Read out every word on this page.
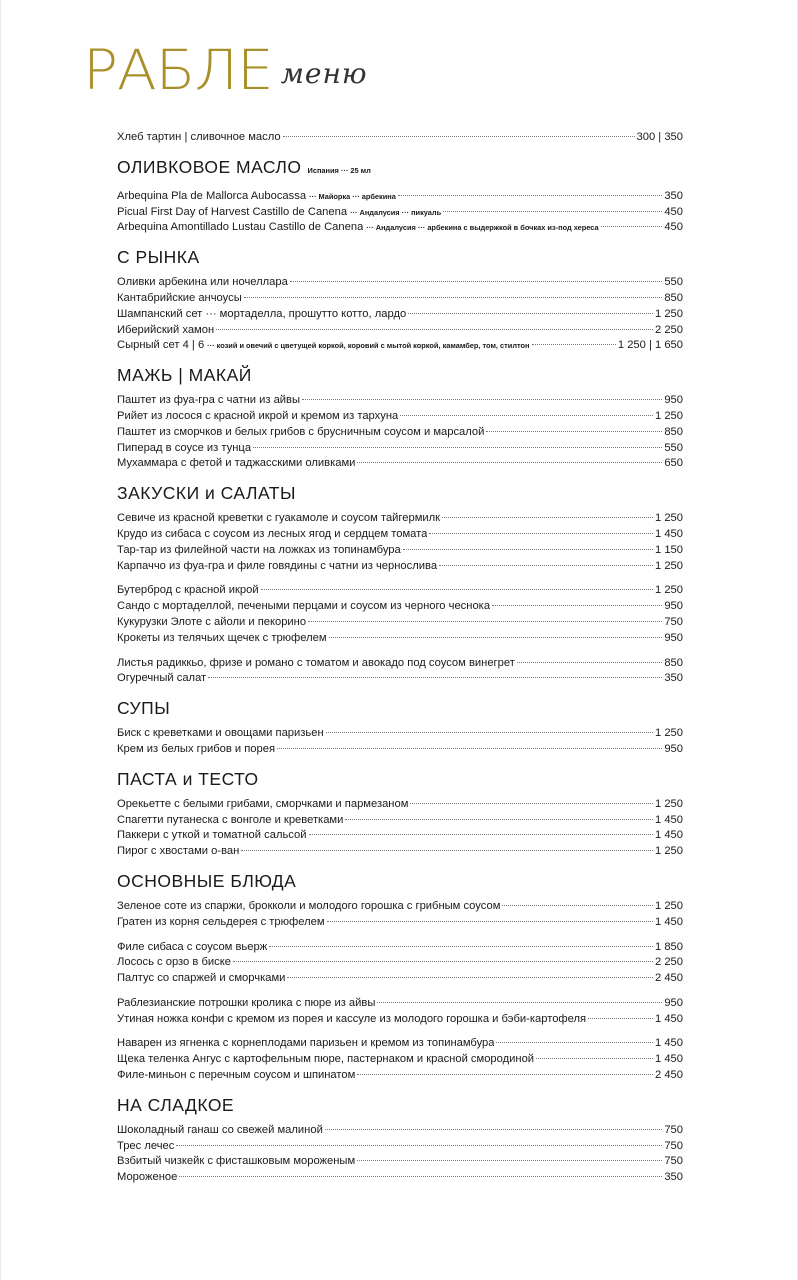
РАБЛЕ меню
Хлеб тартин | сливочное масло	300 | 350
ОЛИВКОВОЕ МАСЛО Испания ··· 25 мл
Arbequina Pla de Mallorca Aubocassa ··· Майорка ··· арбекина	350
Picual First Day of Harvest Castillo de Canena ··· Андалусия ··· пикуаль	450
Arbequina Amontillado Lustau Castillo de Canena ··· Андалусия ··· арбекина с выдержкой в бочках из-под хереса	450
С РЫНКА
Оливки арбекина или ночеллара	550
Кантабрийские анчоусы	850
Шампанский сет ··· мортаделла, прошутто котто, лардо	1 250
Иберийский хамон	2 250
Сырный сет 4 | 6 ··· козий и овечий с цветущей коркой, коровий с мытой коркой, камамбер, том, стилтон	1 250 | 1 650
МАЖЬ | МАКАЙ
Паштет из фуа-гра с чатни из айвы	950
Рийет из лосося с красной икрой и кремом из тархуна	1 250
Паштет из сморчков и белых грибов с брусничным соусом и марсалой	850
Пиперад в соусе из тунца	550
Мухаммара с фетой и таджасскими оливками	650
ЗАКУСКИ и САЛАТЫ
Севиче из красной креветки с гуакамоле и соусом тайгермилк	1 250
Крудо из сибаса с соусом из лесных ягод и сердцем томата	1 450
Тар-тар из филейной части на ложках из топинамбура	1 150
Карпаччо из фуа-гра и филе говядины с чатни из чернослива	1 250
Бутерброд с красной икрой	1 250
Сандо с мортаделлой, печеными перцами и соусом из черного чеснока	950
Кукурузки Элоте с айоли и пекорино	750
Крокеты из телячьих щечек с трюфелем	950
Листья радиккьо, фризе и романо с томатом и авокадо под соусом винегрет	850
Огуречный салат	350
СУПЫ
Биск с креветками и овощами паризьен	1 250
Крем из белых грибов и порея	950
ПАСТА и ТЕСТО
Орекьетте с белыми грибами, сморчками и пармезаном	1 250
Спагетти путанеска с вонголе и креветками	1 450
Паккери с уткой и томатной сальсой	1 450
Пирог с хвостами о-ван	1 250
ОСНОВНЫЕ БЛЮДА
Зеленое соте из спаржи, брокколи и молодого горошка с грибным соусом	1 250
Гратен из корня сельдерея с трюфелем	1 450
Филе сибаса с соусом вьерж	1 850
Лосось с орзо в биске	2 250
Палтус со спаржей и сморчками	2 450
Раблезианские потрошки кролика с пюре из айвы	950
Утиная ножка конфи с кремом из порея и кассуле из молодого горошка и бэби-картофеля	1 450
Наварен из ягненка с корнеплодами паризьен и кремом из топинамбура	1 450
Щека теленка Ангус с картофельным пюре, пастернаком и красной смородиной	1 450
Филе-миньон с перечным соусом и шпинатом	2 450
НА СЛАДКОЕ
Шоколадный ганаш со свежей малиной	750
Трес лечес	750
Взбитый чизкейк с фисташковым мороженым	750
Мороженое	350
